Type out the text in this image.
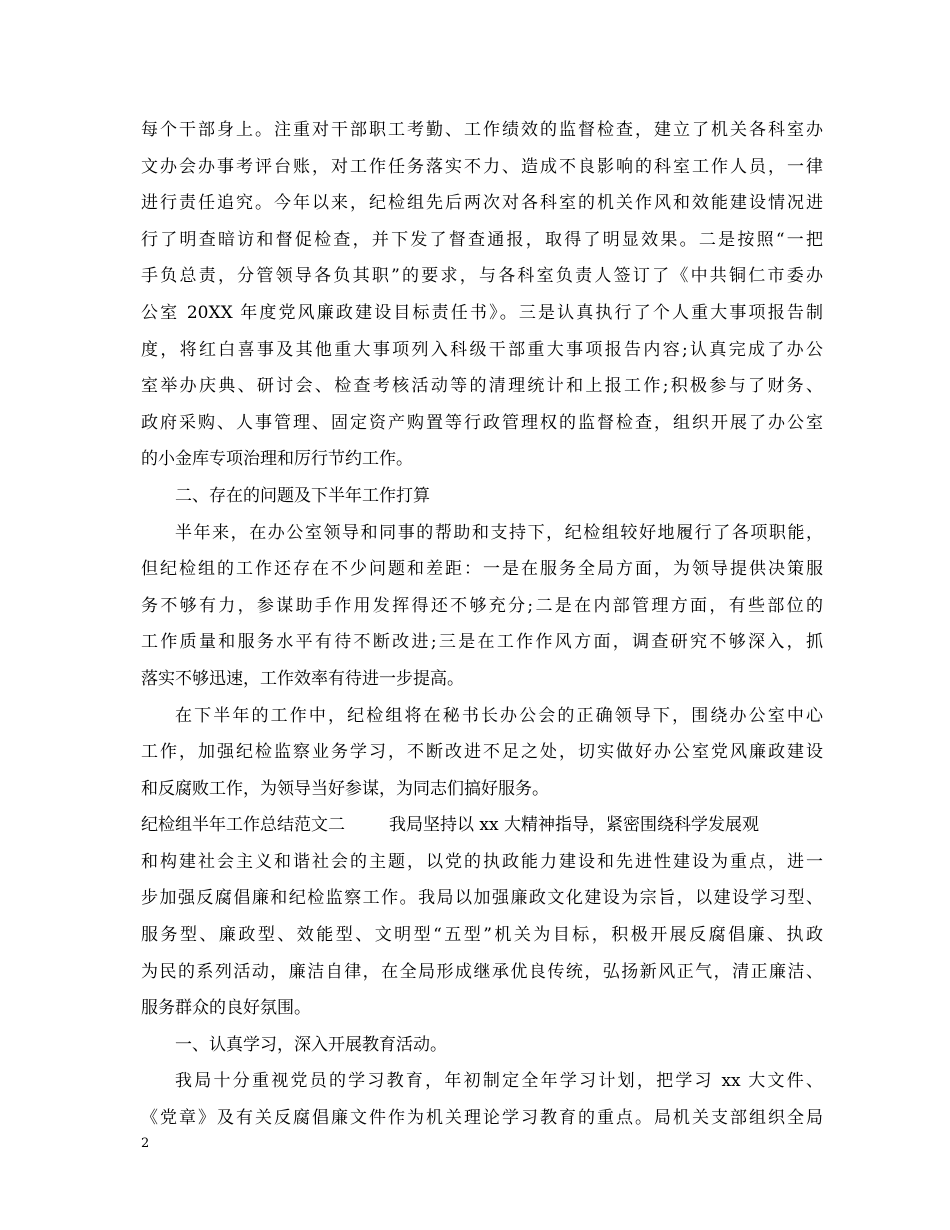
每个干部身上。注重对干部职工考勤、工作绩效的监督检查，建立了机关各科室办
文办会办事考评台账，对工作任务落实不力、造成不良影响的科室工作人员，一律
进行责任追究。今年以来，纪检组先后两次对各科室的机关作风和效能建设情况进
行了明查暗访和督促检查，并下发了督查通报，取得了明显效果。二是按照“一把
手负总责，分管领导各负其职”的要求，与各科室负责人签订了《中共铜仁市委办
公室 20XX 年度党风廉政建设目标责任书》。三是认真执行了个人重大事项报告制
度，将红白喜事及其他重大事项列入科级干部重大事项报告内容;认真完成了办公
室举办庆典、研讨会、检查考核活动等的清理统计和上报工作;积极参与了财务、
政府采购、人事管理、固定资产购置等行政管理权的监督检查，组织开展了办公室
的小金库专项治理和厉行节约工作。
二、存在的问题及下半年工作打算
半年来，在办公室领导和同事的帮助和支持下，纪检组较好地履行了各项职能，
但纪检组的工作还存在不少问题和差距：一是在服务全局方面，为领导提供决策服
务不够有力，参谋助手作用发挥得还不够充分;二是在内部管理方面，有些部位的
工作质量和服务水平有待不断改进;三是在工作作风方面，调查研究不够深入，抓
落实不够迅速，工作效率有待进一步提高。
在下半年的工作中，纪检组将在秘书长办公会的正确领导下，围绕办公室中心
工作，加强纪检监察业务学习，不断改进不足之处，切实做好办公室党风廉政建设
和反腐败工作，为领导当好参谋，为同志们搞好服务。
纪检组半年工作总结范文二	我局坚持以 xx 大精神指导，紧密围绕科学发展观
和构建社会主义和谐社会的主题，以党的执政能力建设和先进性建设为重点，进一
步加强反腐倡廉和纪检监察工作。我局以加强廉政文化建设为宗旨，以建设学习型、
服务型、廉政型、效能型、文明型“五型”机关为目标，积极开展反腐倡廉、执政
为民的系列活动，廉洁自律，在全局形成继承优良传统，弘扬新风正气，清正廉洁、
服务群众的良好氛围。
一、认真学习，深入开展教育活动。
我局十分重视党员的学习教育，年初制定全年学习计划，把学习 xx 大文件、
《党章》及有关反腐倡廉文件作为机关理论学习教育的重点。局机关支部组织全局
2
